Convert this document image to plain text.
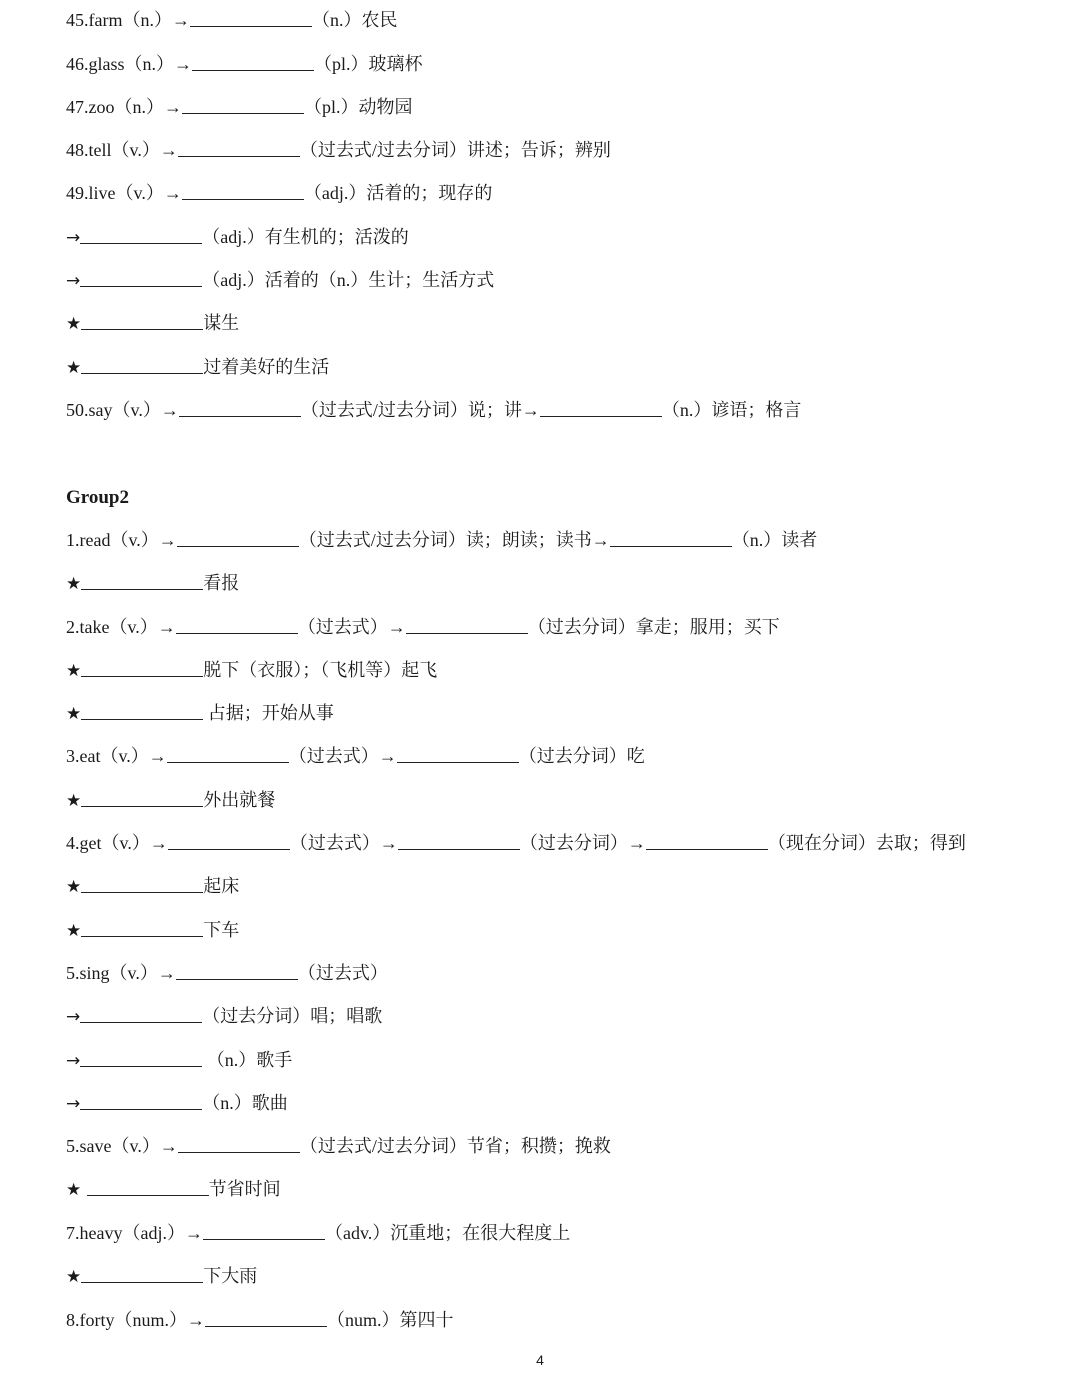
Group2
4
45.farm（n.）→	（n.）农民
46.glass（n.）→	（pl.）玻璃杯
47.zoo（n.）→	（pl.）动物园
48.tell（v.）→	（过去式/过去分词）讲述；告诉；辨别
49.live（v.）→	（adj.）活着的；现存的
→	（adj.）有生机的；活泼的
→	（adj.）活着的（n.）生计；生活方式
★	谋生
★	过着美好的生活
50.say（v.）→	（过去式/过去分词）说；讲→	（n.）谚语；格言
1.read（v.）→	（过去式/过去分词）读；朗读；读书→	（n.）读者
★	看报
2.take（v.）→	（过去式）→	（过去分词）拿走；服用；买下
★	脱下（衣服）；（飞机等）起飞
★	占据；开始从事
3.eat（v.）→	（过去式）→	（过去分词）吃
★	外出就餐
4.get（v.）→	（过去式）→	（过去分词）→	（现在分词）去取；得到
★	起床
★	下车
5.sing（v.）→	（过去式）
→	（过去分词）唱；唱歌
→	（n.）歌手
→	（n.）歌曲
5.save（v.）→	（过去式/过去分词）节省；积攒；挽救
★	节省时间
7.heavy（adj.）→	（adv.）沉重地；在很大程度上
★	下大雨
8.forty（num.）→	（num.）第四十
